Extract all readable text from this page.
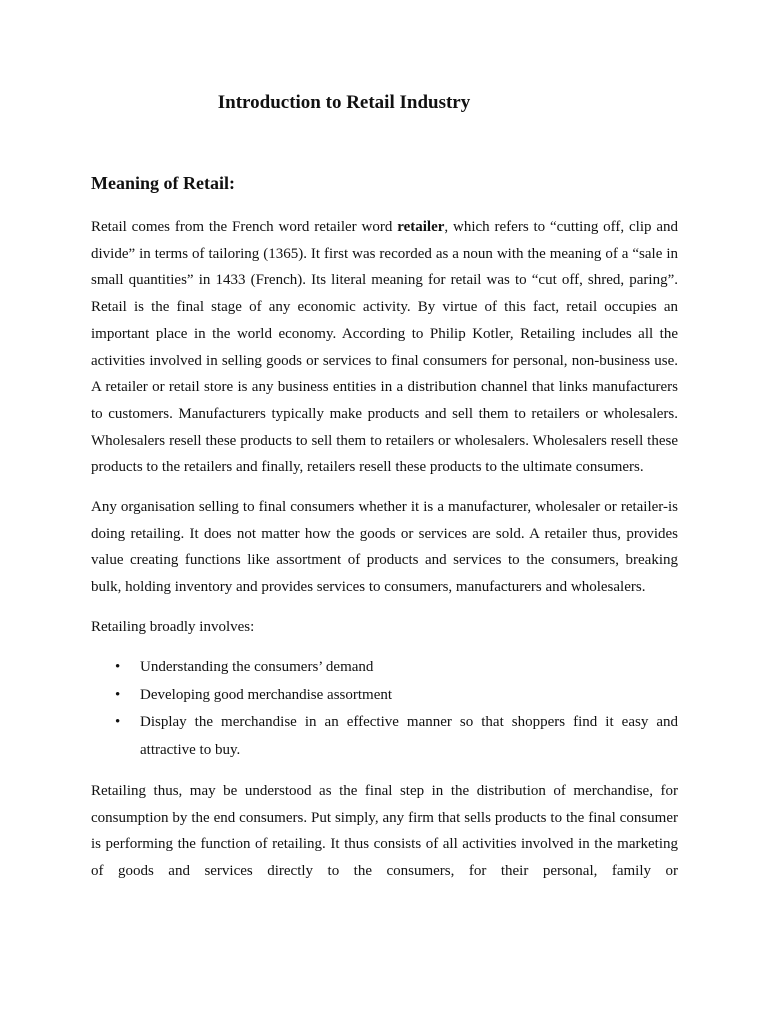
Introduction to Retail Industry
Meaning of Retail:

Retail comes from the French word retailer word retailer, which refers to “cutting off, clip and divide” in terms of tailoring (1365). It first was recorded as a noun with the meaning of a “sale in small quantities” in 1433 (French). Its literal meaning for retail was to “cut off, shred, paring”. Retail is the final stage of any economic activity. By virtue of this fact, retail occupies an important place in the world economy. According to Philip Kotler, Retailing includes all the activities involved in selling goods or services to final consumers for personal, non-business use. A retailer or retail store is any business entities in a distribution channel that links manufacturers to customers. Manufacturers typically make products and sell them to retailers or wholesalers. Wholesalers resell these products to sell them to retailers or wholesalers. Wholesalers resell these products to the retailers and finally, retailers resell these products to the ultimate consumers.

Any organisation selling to final consumers whether it is a manufacturer, wholesaler or retailer-is doing retailing. It does not matter how the goods or services are sold. A retailer thus, provides value creating functions like assortment of products and services to the consumers, breaking bulk, holding inventory and provides services to consumers, manufacturers and wholesalers.

Retailing broadly involves:

• Understanding the consumers’ demand
• Developing good merchandise assortment
• Display the merchandise in an effective manner so that shoppers find it easy and attractive to buy.

Retailing thus, may be understood as the final step in the distribution of merchandise, for consumption by the end consumers. Put simply, any firm that sells products to the final consumer is performing the function of retailing. It thus consists of all activities involved in the marketing of goods and services directly to the consumers, for their personal, family or
